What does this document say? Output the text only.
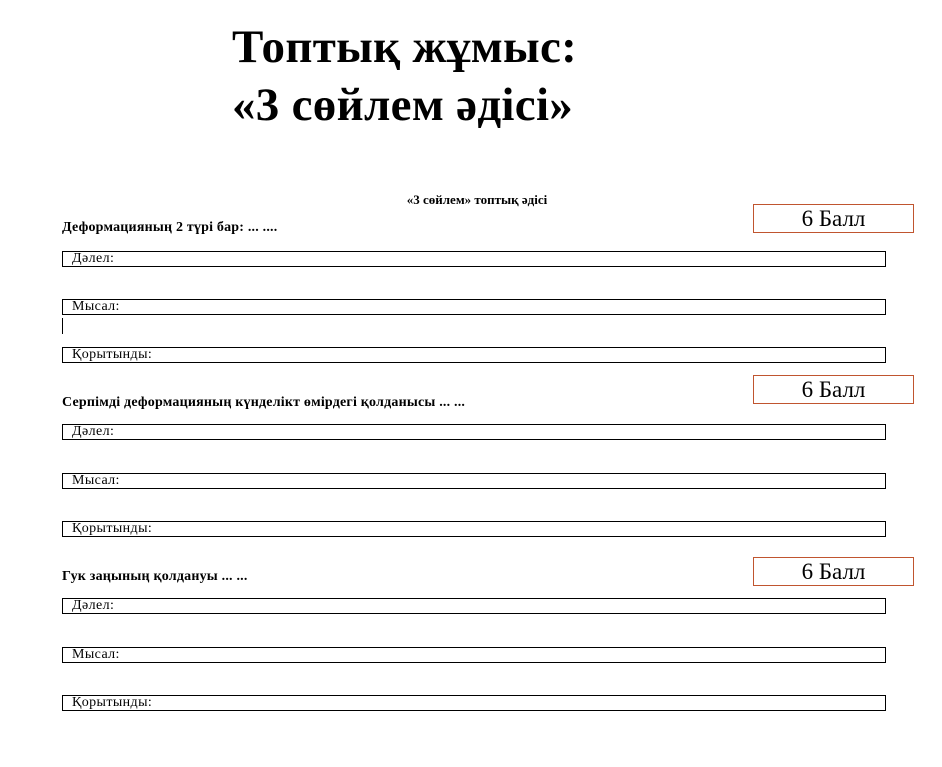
Топтық жұмыс:
«3 сөйлем әдісі»
«3 сөйлем» топтық әдісі
Деформацияның 2 түрі бар: ... ....	6 Балл
Дәлел:
Мысал:
Қорытынды:
6 Балл
Серпімді деформацияның күнделікт өмірдегі қолданысы ... ...
Дәлел:
Мысал:
Қорытынды:
6 Балл
Гук заңының қолдануы ... ...
Дәлел:
Мысал:
Қорытынды:
